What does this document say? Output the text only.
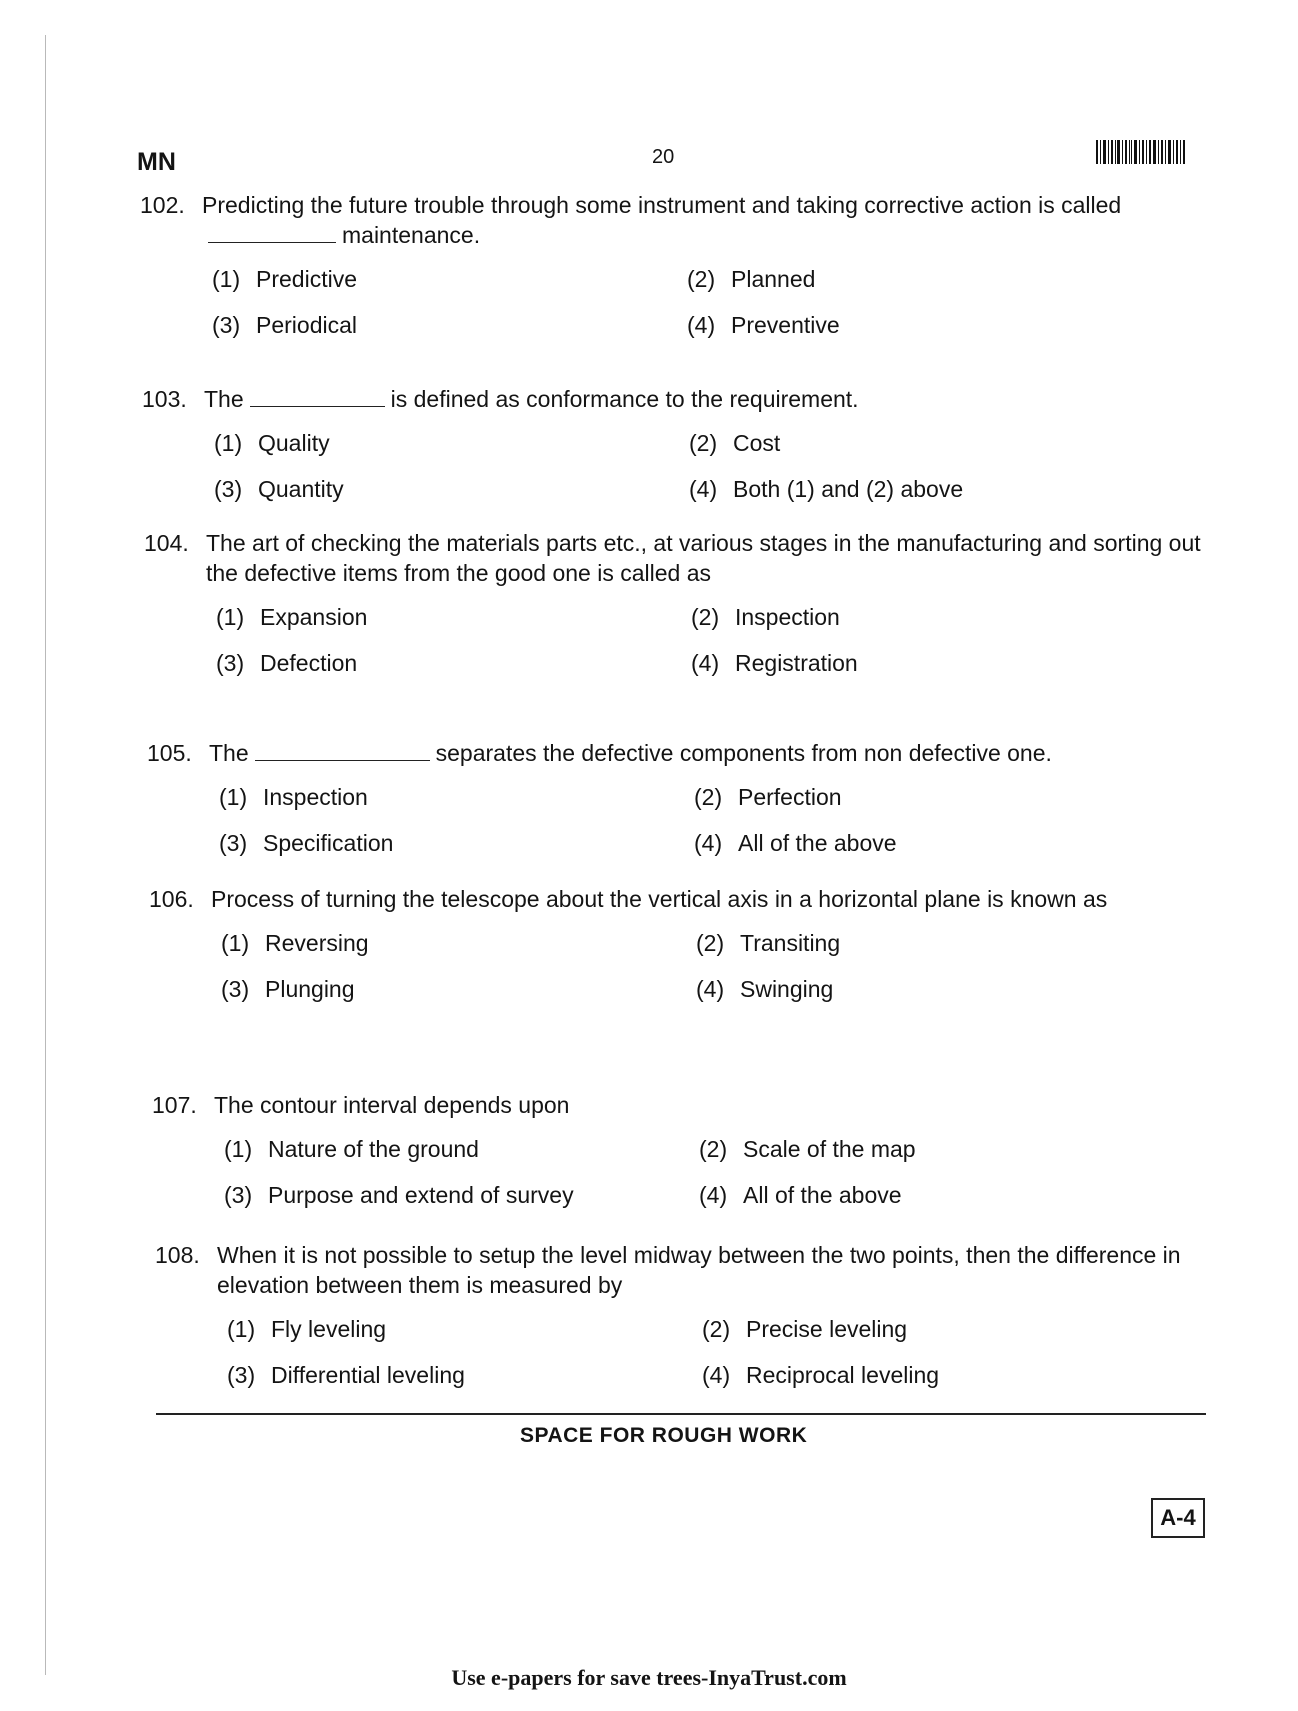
MN	20
102. Predicting the future trouble through some instrument and taking corrective action is calledmaintenance.
(1) Predictive	(2) Planned
(3) Periodical	(4) Preventive
103. The	is defined as conformance to the requirement.
(1) Quality	(2) Cost
(3) Quantity	(4) Both (1) and (2) above
104. The art of checking the materials parts etc., at various stages in the manufacturing and sorting out the defective items from the good one is called as
(1) Expansion	(2) Inspection
(3) Defection	(4) Registration
105. The	separates the defective components from non defective one.
(1) Inspection	(2) Perfection
(3) Specification	(4) All of the above
106. Process of turning the telescope about the vertical axis in a horizontal plane is known as
(1) Reversing	(2) Transiting
(3) Plunging	(4) Swinging
107. The contour interval depends upon
(1) Nature of the ground	(2) Scale of the map
(3) Purpose and extend of survey	(4) All of the above
108. When it is not possible to setup the level midway between the two points, then the difference in elevation between them is measured by
(1) Fly leveling	(2) Precise leveling
(3) Differential leveling	(4) Reciprocal leveling
SPACE FOR ROUGH WORK
A-4
Use e-papers for save trees-InyaTrust.com
